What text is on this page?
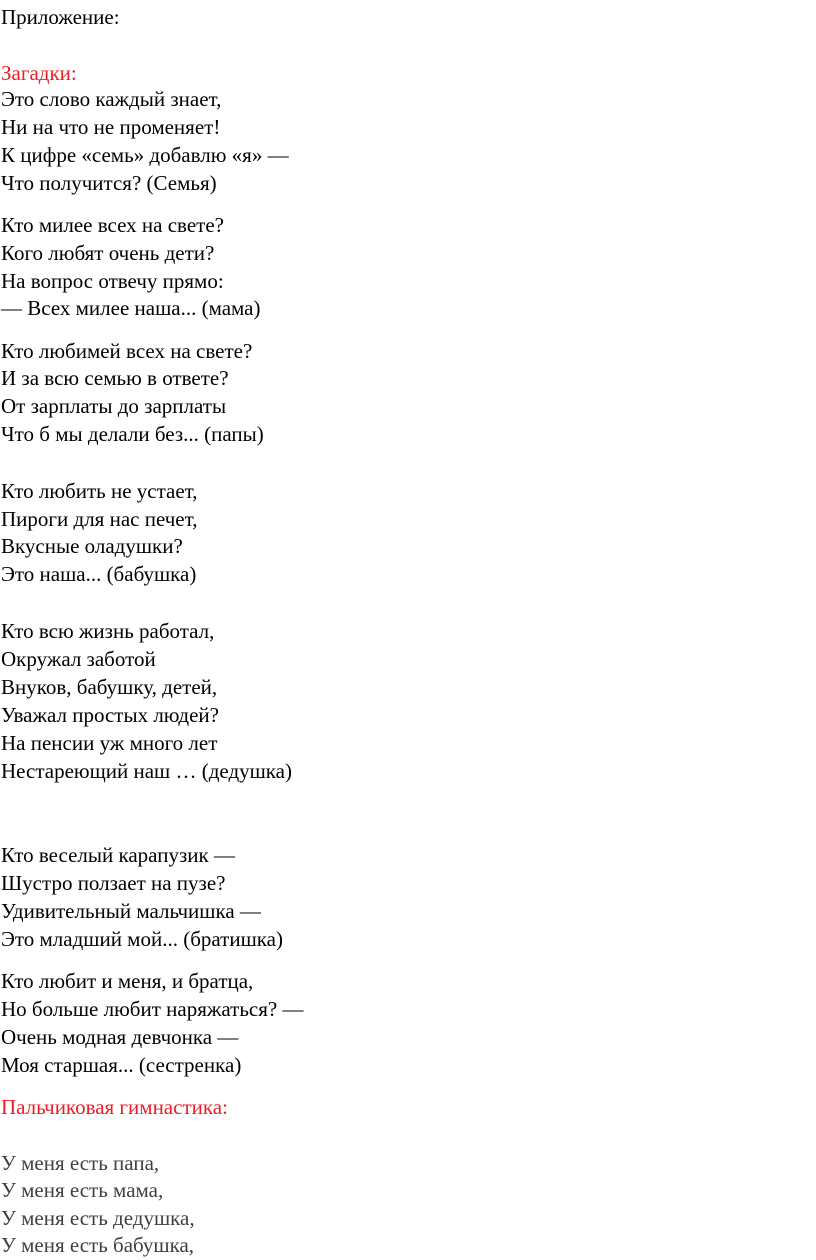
Приложение:
Загадки:
Это слово каждый знает,
Ни на что не променяет!
К цифре «семь» добавлю «я» —
Что получится? (Семья)
Кто милее всех на свете?
Кого любят очень дети?
На вопрос отвечу прямо:
— Всех милее наша... (мама)
Кто любимей всех на свете?
И за всю семью в ответе?
От зарплаты до зарплаты
Что б мы делали без... (папы)
Кто любить не устает,
Пироги для нас печет,
Вкусные оладушки?
Это наша... (бабушка)
Кто всю жизнь работал,
Окружал заботой
Внуков, бабушку, детей,
Уважал простых людей?
На пенсии уж много лет
Нестареющий наш … (дедушка)
Кто веселый карапузик —
Шустро ползает на пузе?
Удивительный мальчишка —
Это младший мой... (братишка)
Кто любит и меня, и братца,
Но больше любит наряжаться? —
Очень модная девчонка —
Моя старшая... (сестренка)
Пальчиковая гимнастика:
У меня есть папа,
У меня есть мама,
У меня есть дедушка,
У меня есть бабушка,
